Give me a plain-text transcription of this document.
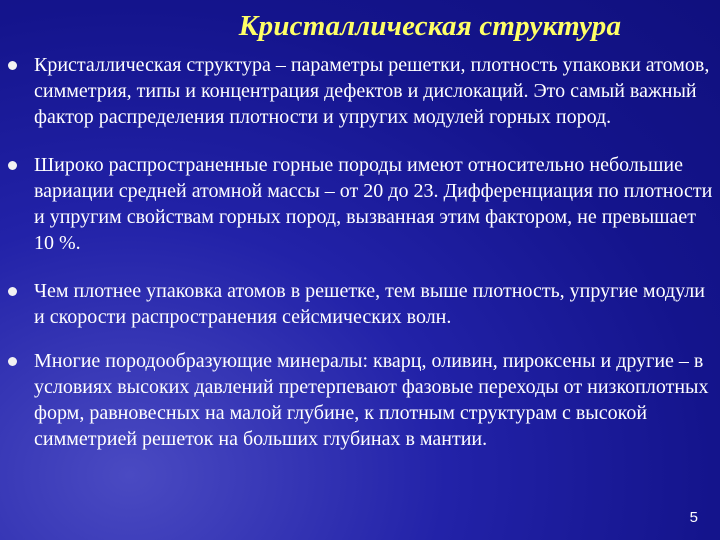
Кристаллическая структура
Кристаллическая структура – параметры решетки, плотность упаковки атомов, симметрия, типы и концентрация дефектов и дислокаций. Это самый важный фактор распределения плотности и упругих модулей горных пород.
Широко распространенные горные породы имеют относительно небольшие вариации средней атомной массы – от 20 до 23. Дифференциация по плотности и упругим свойствам горных пород, вызванная этим фактором, не превышает 10 %.
Чем плотнее упаковка атомов в решетке, тем выше плотность, упругие модули и скорости распространения сейсмических волн.
Многие породообразующие минералы: кварц, оливин, пироксены и другие – в условиях высоких давлений претерпевают фазовые переходы от низкоплотных форм, равновесных на малой глубине, к плотным структурам с высокой симметрией решеток на больших глубинах в мантии.
5
